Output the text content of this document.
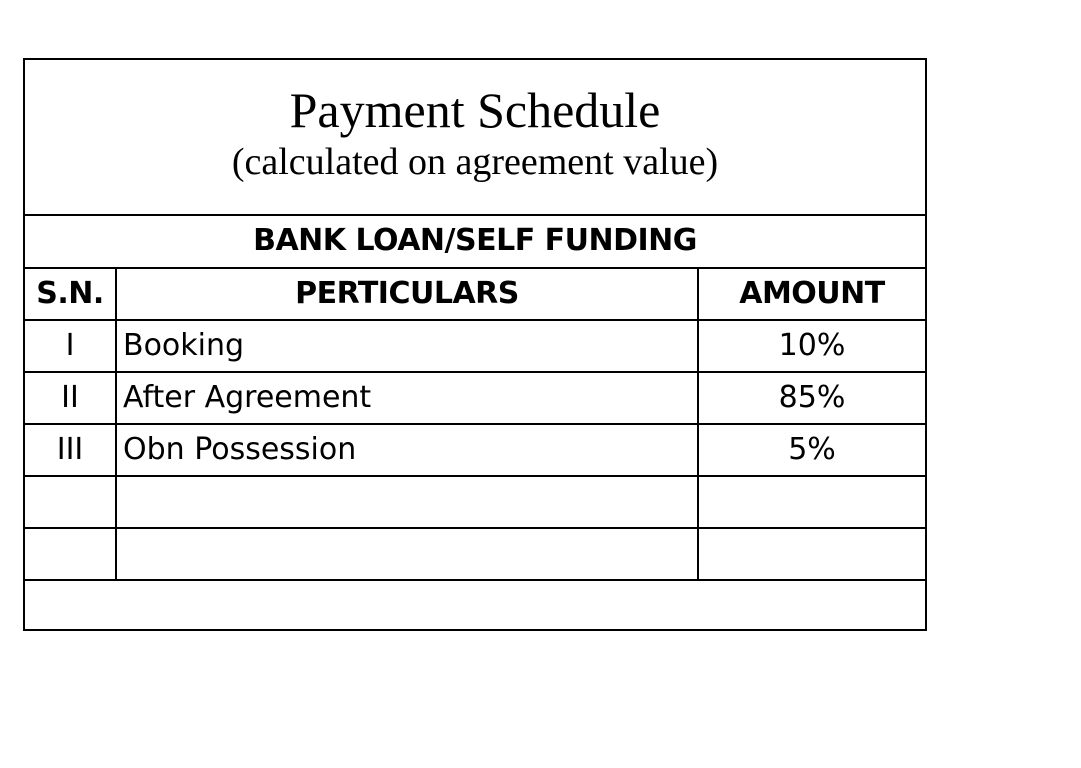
Payment Schedule
(calculated on agreement value)
BANK LOAN/SELF FUNDING
S.N.	PERTICULARS	AMOUNT
I	Booking	10%
II	After Agreement	85%
III	Obn Possession	5%
